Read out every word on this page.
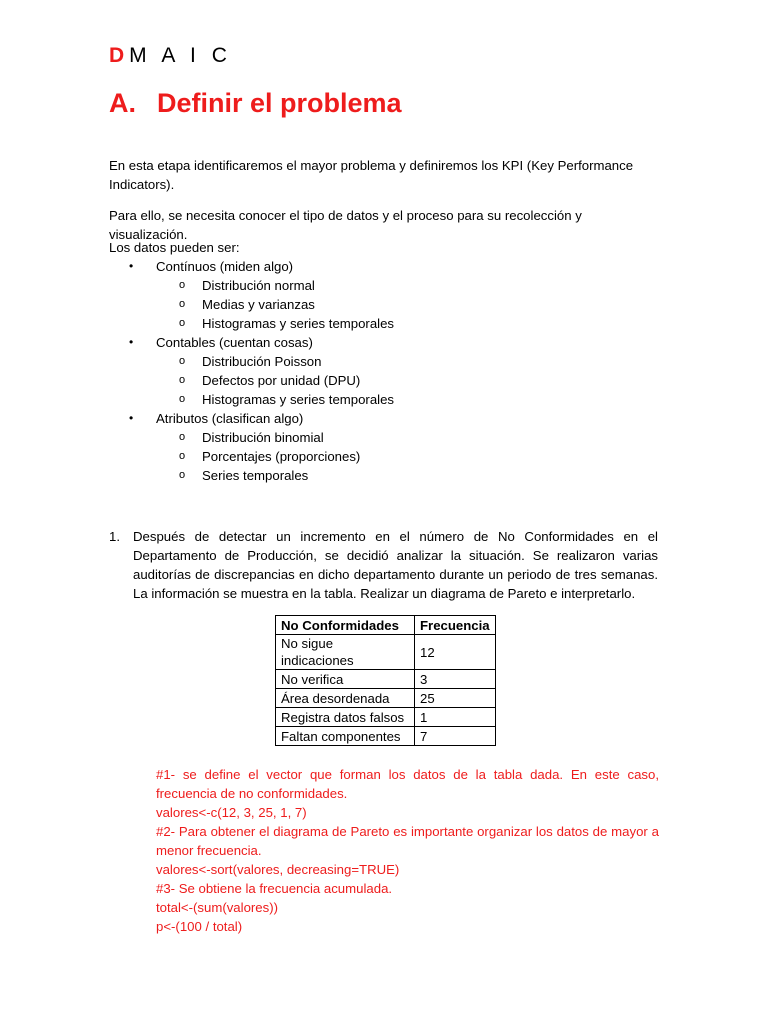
DM A I C
A. Definir el problema
En esta etapa identificaremos el mayor problema y definiremos los KPI (Key Performance Indicators).
Para ello, se necesita conocer el tipo de datos y el proceso para su recolección y visualización.
Los datos pueden ser:
• Contínuos (miden algo)
o Distribución normal
o Medias y varianzas
o Histogramas y series temporales
• Contables (cuentan cosas)
o Distribución Poisson
o Defectos por unidad (DPU)
o Histogramas y series temporales
• Atributos (clasifican algo)
o Distribución binomial
o Porcentajes (proporciones)
o Series temporales
1. Después de detectar un incremento en el número de No Conformidades en el Departamento de Producción, se decidió analizar la situación. Se realizaron varias auditorías de discrepancias en dicho departamento durante un periodo de tres semanas. La información se muestra en la tabla. Realizar un diagrama de Pareto e interpretarlo.
No Conformidades	Frecuencia
No sigue indicaciones	12
No verifica	3
Área desordenada	25
Registra datos falsos	1
Faltan componentes	7
#1- se define el vector que forman los datos de la tabla dada. En este caso, frecuencia de no conformidades.
valores<-c(12, 3, 25, 1, 7)
#2- Para obtener el diagrama de Pareto es importante organizar los datos de mayor a menor frecuencia.
valores<-sort(valores, decreasing=TRUE)
#3- Se obtiene la frecuencia acumulada.
total<-(sum(valores))
p<-(100 / total)
